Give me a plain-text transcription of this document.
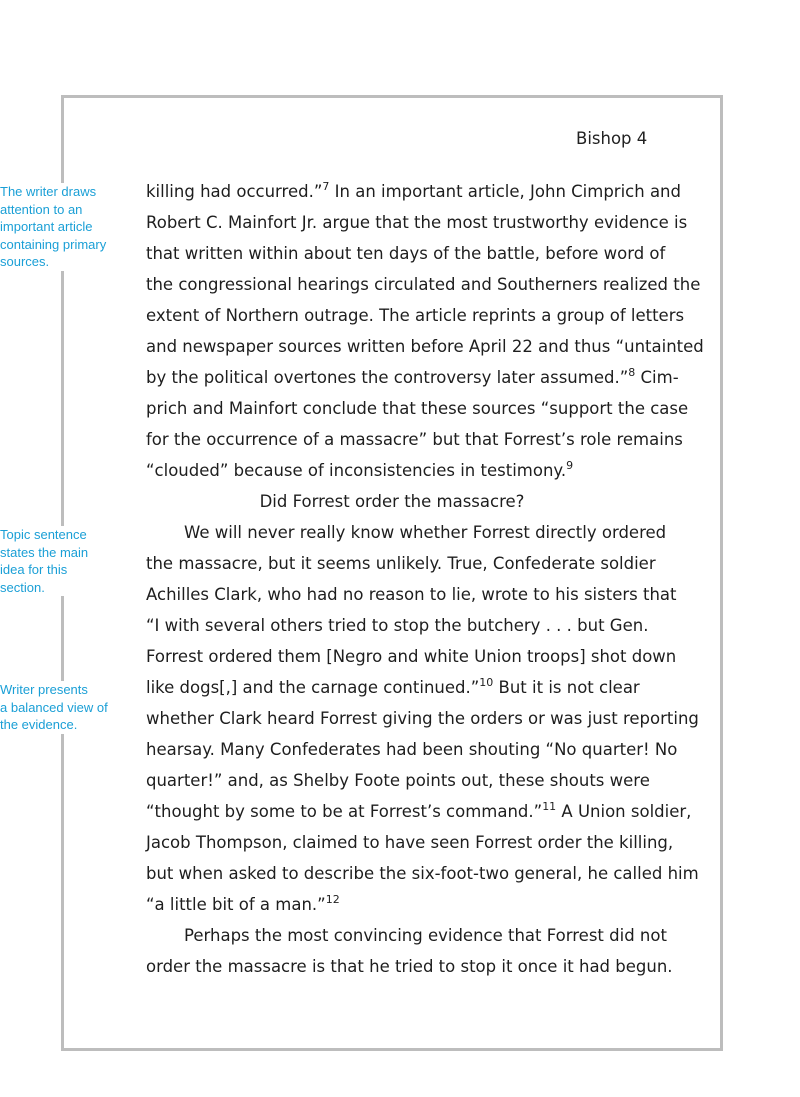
Bishop 4
The writer draws
attention to an
important article
containing primary
sources.
Topic sentence
states the main
idea for this
section.
Writer presents
a balanced view of
the evidence.
killing had occurred.”$^7$ In an important article, John Cimprich and
Robert C. Mainfort Jr. argue that the most trustworthy evidence is
that written within about ten days of the battle, before word of
the congressional hearings circulated and Southerners realized the
extent of Northern outrage. The article reprints a group of letters
and newspaper sources written before April 22 and thus “untainted
by the political overtones the controversy later assumed.”$^8$ Cim-
prich and Mainfort conclude that these sources “support the case
for the occurrence of a massacre” but that Forrest’s role remains
“clouded” because of inconsistencies in testimony.$^9$
Did Forrest order the massacre?
We will never really know whether Forrest directly ordered
the massacre, but it seems unlikely. True, Confederate soldier
Achilles Clark, who had no reason to lie, wrote to his sisters that
“I with several others tried to stop the butchery . . . but Gen.
Forrest ordered them [Negro and white Union troops] shot down
like dogs[,] and the carnage continued.”$^{10}$ But it is not clear
whether Clark heard Forrest giving the orders or was just reporting
hearsay. Many Confederates had been shouting “No quarter! No
quarter!” and, as Shelby Foote points out, these shouts were
“thought by some to be at Forrest’s command.”$^{11}$ A Union soldier,
Jacob Thompson, claimed to have seen Forrest order the killing,
but when asked to describe the six-foot-two general, he called him
“a little bit of a man.”$^{12}$
Perhaps the most convincing evidence that Forrest did not
order the massacre is that he tried to stop it once it had begun.
